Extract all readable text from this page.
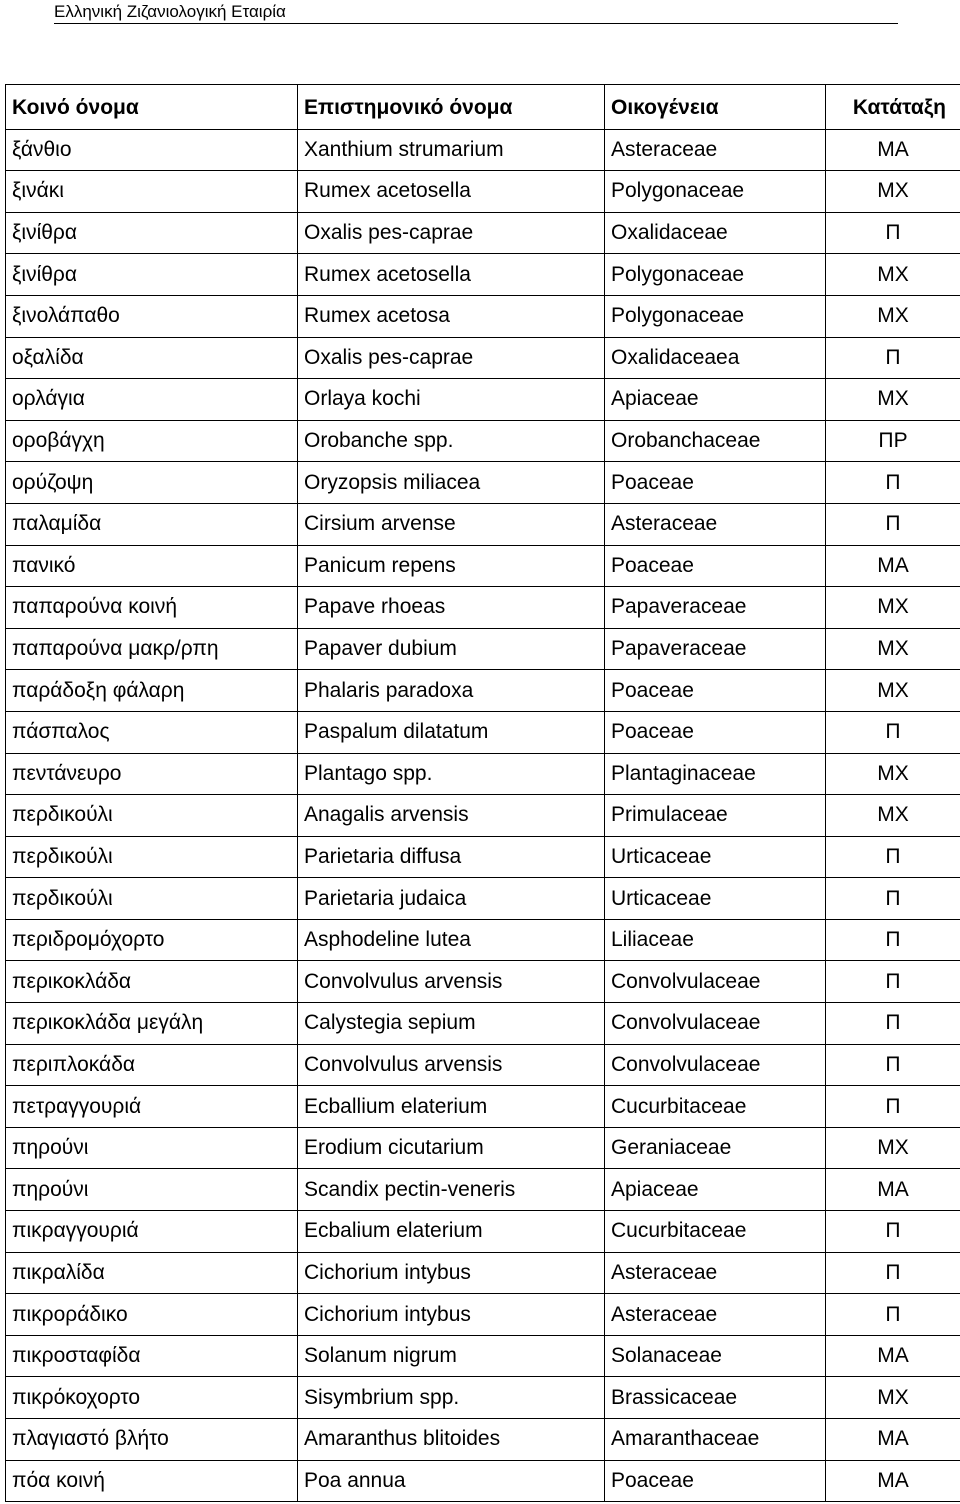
Ελληνική Ζιζανιολογική Εταιρία
Κοινό όνομα	Επιστημονικό όνομα	Οικογένεια	Κατάταξη
ξάνθιο	Xanthium strumarium	Asteraceae	ΜΑ
ξινάκι	Rumex acetosella	Polygonaceae	ΜΧ
ξινίθρα	Oxalis pes-caprae	Oxalidaceae	Π
ξινίθρα	Rumex acetosella	Polygonaceae	ΜΧ
ξινολάπαθο	Rumex acetosa	Polygonaceae	ΜΧ
οξαλίδα	Oxalis pes-caprae	Oxalidaceaea	Π
ορλάγια	Orlaya kochi	Apiaceae	ΜΧ
οροβάγχη	Orobanche spp.	Orobanchaceae	ΠΡ
ορύζοψη	Oryzopsis miliacea	Poaceae	Π
παλαμίδα	Cirsium arvense	Asteraceae	Π
πανικό	Panicum repens	Poaceae	ΜΑ
παπαρούνα κοινή	Papave rhoeas	Papaveraceae	ΜΧ
παπαρούνα μακρ/ρπη	Papaver dubium	Papaveraceae	ΜΧ
παράδοξη φάλαρη	Phalaris paradoxa	Poaceae	ΜΧ
πάσπαλος	Paspalum dilatatum	Poaceae	Π
πεντάνευρο	Plantago spp.	Plantaginaceae	ΜΧ
περδικούλι	Anagalis arvensis	Primulaceae	ΜΧ
περδικούλι	Parietaria diffusa	Urticaceae	Π
περδικούλι	Parietaria judaica	Urticaceae	Π
περιδρομόχορτο	Asphodeline lutea	Liliaceae	Π
περικοκλάδα	Convolvulus arvensis	Convolvulaceae	Π
περικοκλάδα μεγάλη	Calystegia sepium	Convolvulaceae	Π
περιπλοκάδα	Convolvulus arvensis	Convolvulaceae	Π
πετραγγουριά	Ecballium elaterium	Cucurbitaceae	Π
πηρούνι	Erodium cicutarium	Geraniaceae	ΜΧ
πηρούνι	Scandix pectin-veneris	Apiaceae	ΜΑ
πικραγγουριά	Ecbalium elaterium	Cucurbitaceae	Π
πικραλίδα	Cichorium intybus	Asteraceae	Π
πικροράδικο	Cichorium intybus	Asteraceae	Π
πικροσταφίδα	Solanum nigrum	Solanaceae	ΜΑ
πικρόκοχορτο	Sisymbrium spp.	Brassicaceae	ΜΧ
πλαγιαστό βλήτο	Amaranthus blitoides	Amaranthaceae	ΜΑ
πόα κοινή	Poa annua	Poaceae	ΜΑ
